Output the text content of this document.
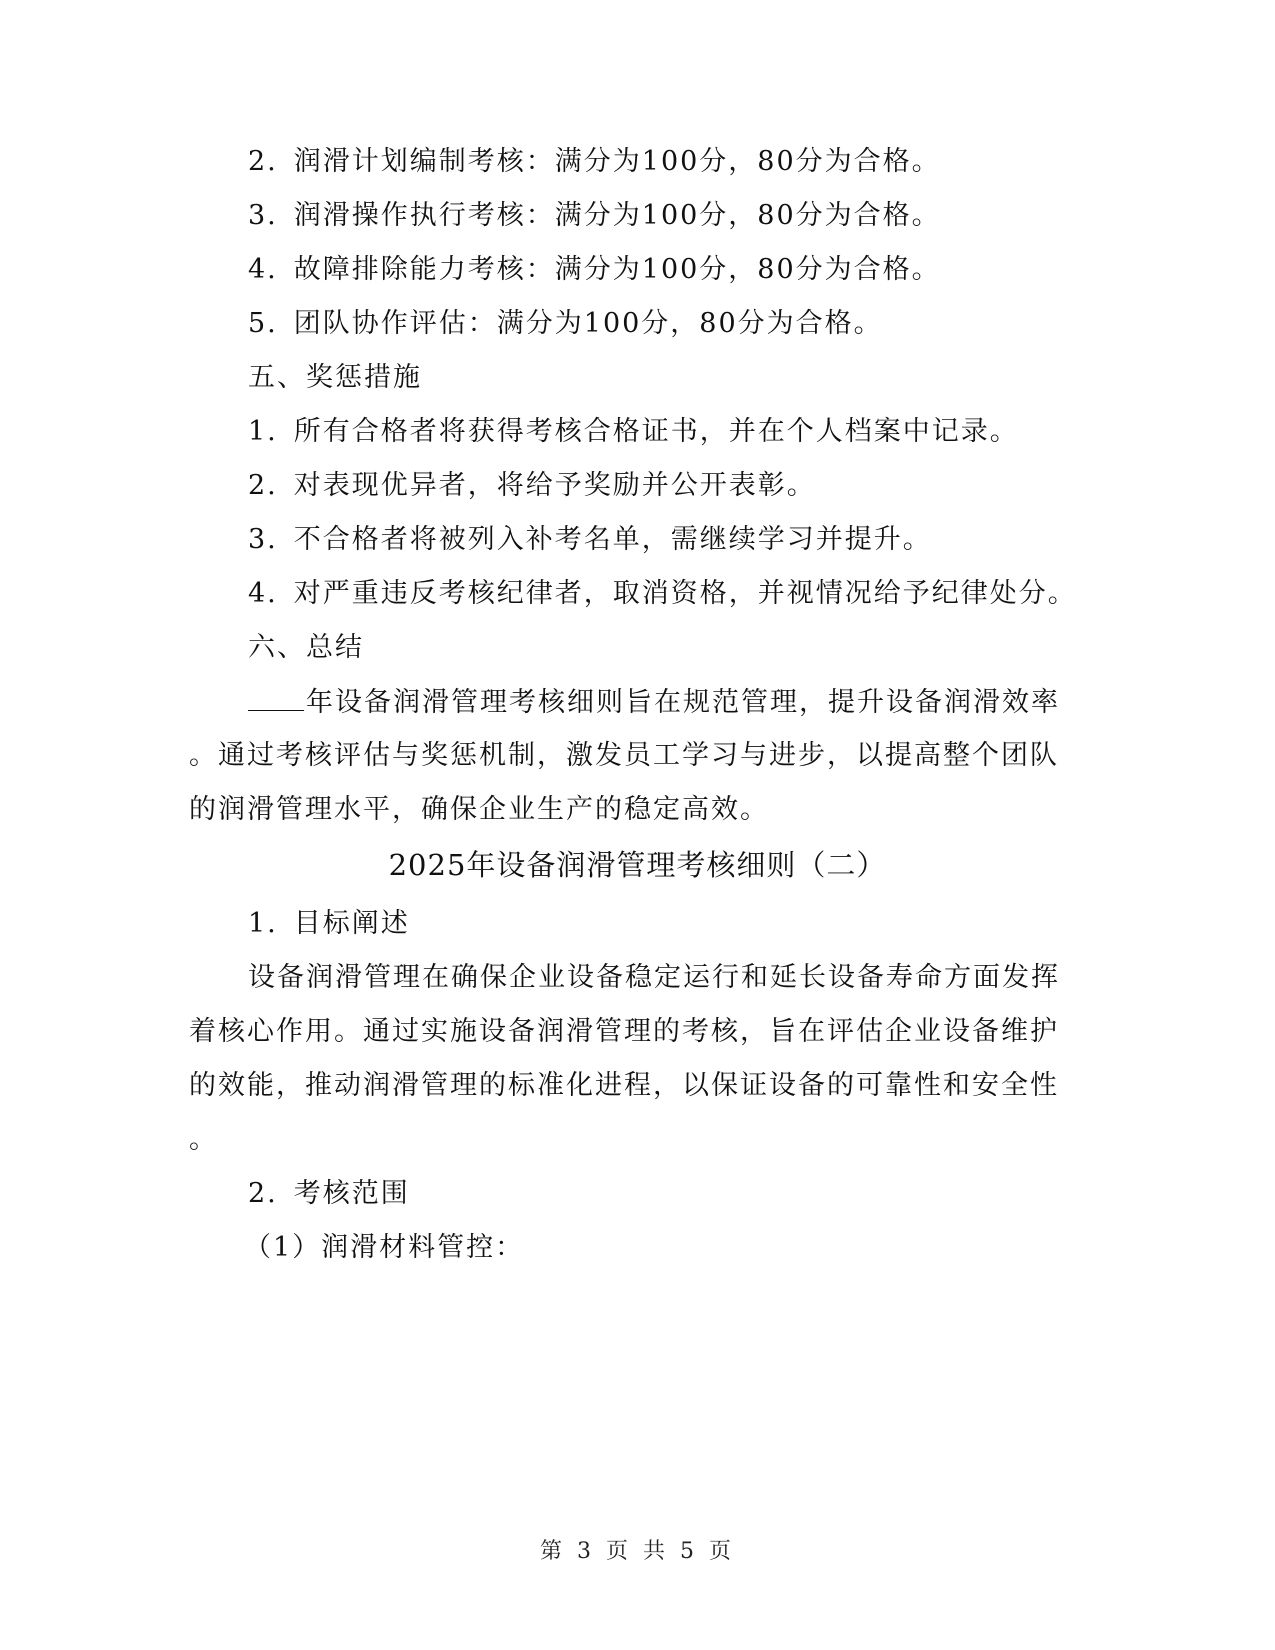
2. 润滑计划编制考核：满分为100分，80分为合格。
3. 润滑操作执行考核：满分为100分，80分为合格。
4. 故障排除能力考核：满分为100分，80分为合格。
5. 团队协作评估：满分为100分，80分为合格。
五、奖惩措施
1. 所有合格者将获得考核合格证书，并在个人档案中记录。
2. 对表现优异者，将给予奖励并公开表彰。
3. 不合格者将被列入补考名单，需继续学习并提升。
4. 对严重违反考核纪律者，取消资格，并视情况给予纪律处分。
六、总结
年设备润滑管理考核细则旨在规范管理，提升设备润滑效率
。通过考核评估与奖惩机制，激发员工学习与进步，以提高整个团队
的润滑管理水平，确保企业生产的稳定高效。
2025年设备润滑管理考核细则（二）
1. 目标阐述
设备润滑管理在确保企业设备稳定运行和延长设备寿命方面发挥
着核心作用。通过实施设备润滑管理的考核，旨在评估企业设备维护
的效能，推动润滑管理的标准化进程，以保证设备的可靠性和安全性
。
2. 考核范围
（1）润滑材料管控：
第 3 页 共 5 页
